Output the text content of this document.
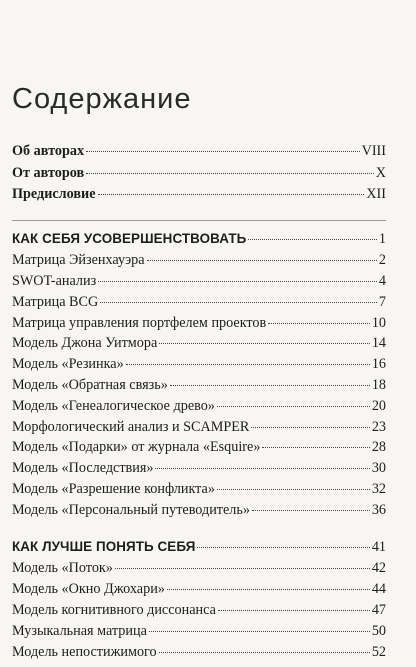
Содержание
Об авторах	VIII
От авторов	X
Предисловие	XII
КАК СЕБЯ УСОВЕРШЕНСТВОВАТЬ	1
Матрица Эйзенхауэра	2
SWOT-анализ	4
Матрица BCG	7
Матрица управления портфелем проектов	10
Модель Джона Уитмора	14
Модель «Резинка»	16
Модель «Обратная связь»	18
Модель «Генеалогическое древо»	20
Морфологический анализ и SCAMPER	23
Модель «Подарки» от журнала «Esquire»	28
Модель «Последствия»	30
Модель «Разрешение конфликта»	32
Модель «Персональный путеводитель»	36
КАК ЛУЧШЕ ПОНЯТЬ СЕБЯ	41
Модель «Поток»	42
Модель «Окно Джохари»	44
Модель когнитивного диссонанса	47
Музыкальная матрица	50
Модель непостижимого	52
